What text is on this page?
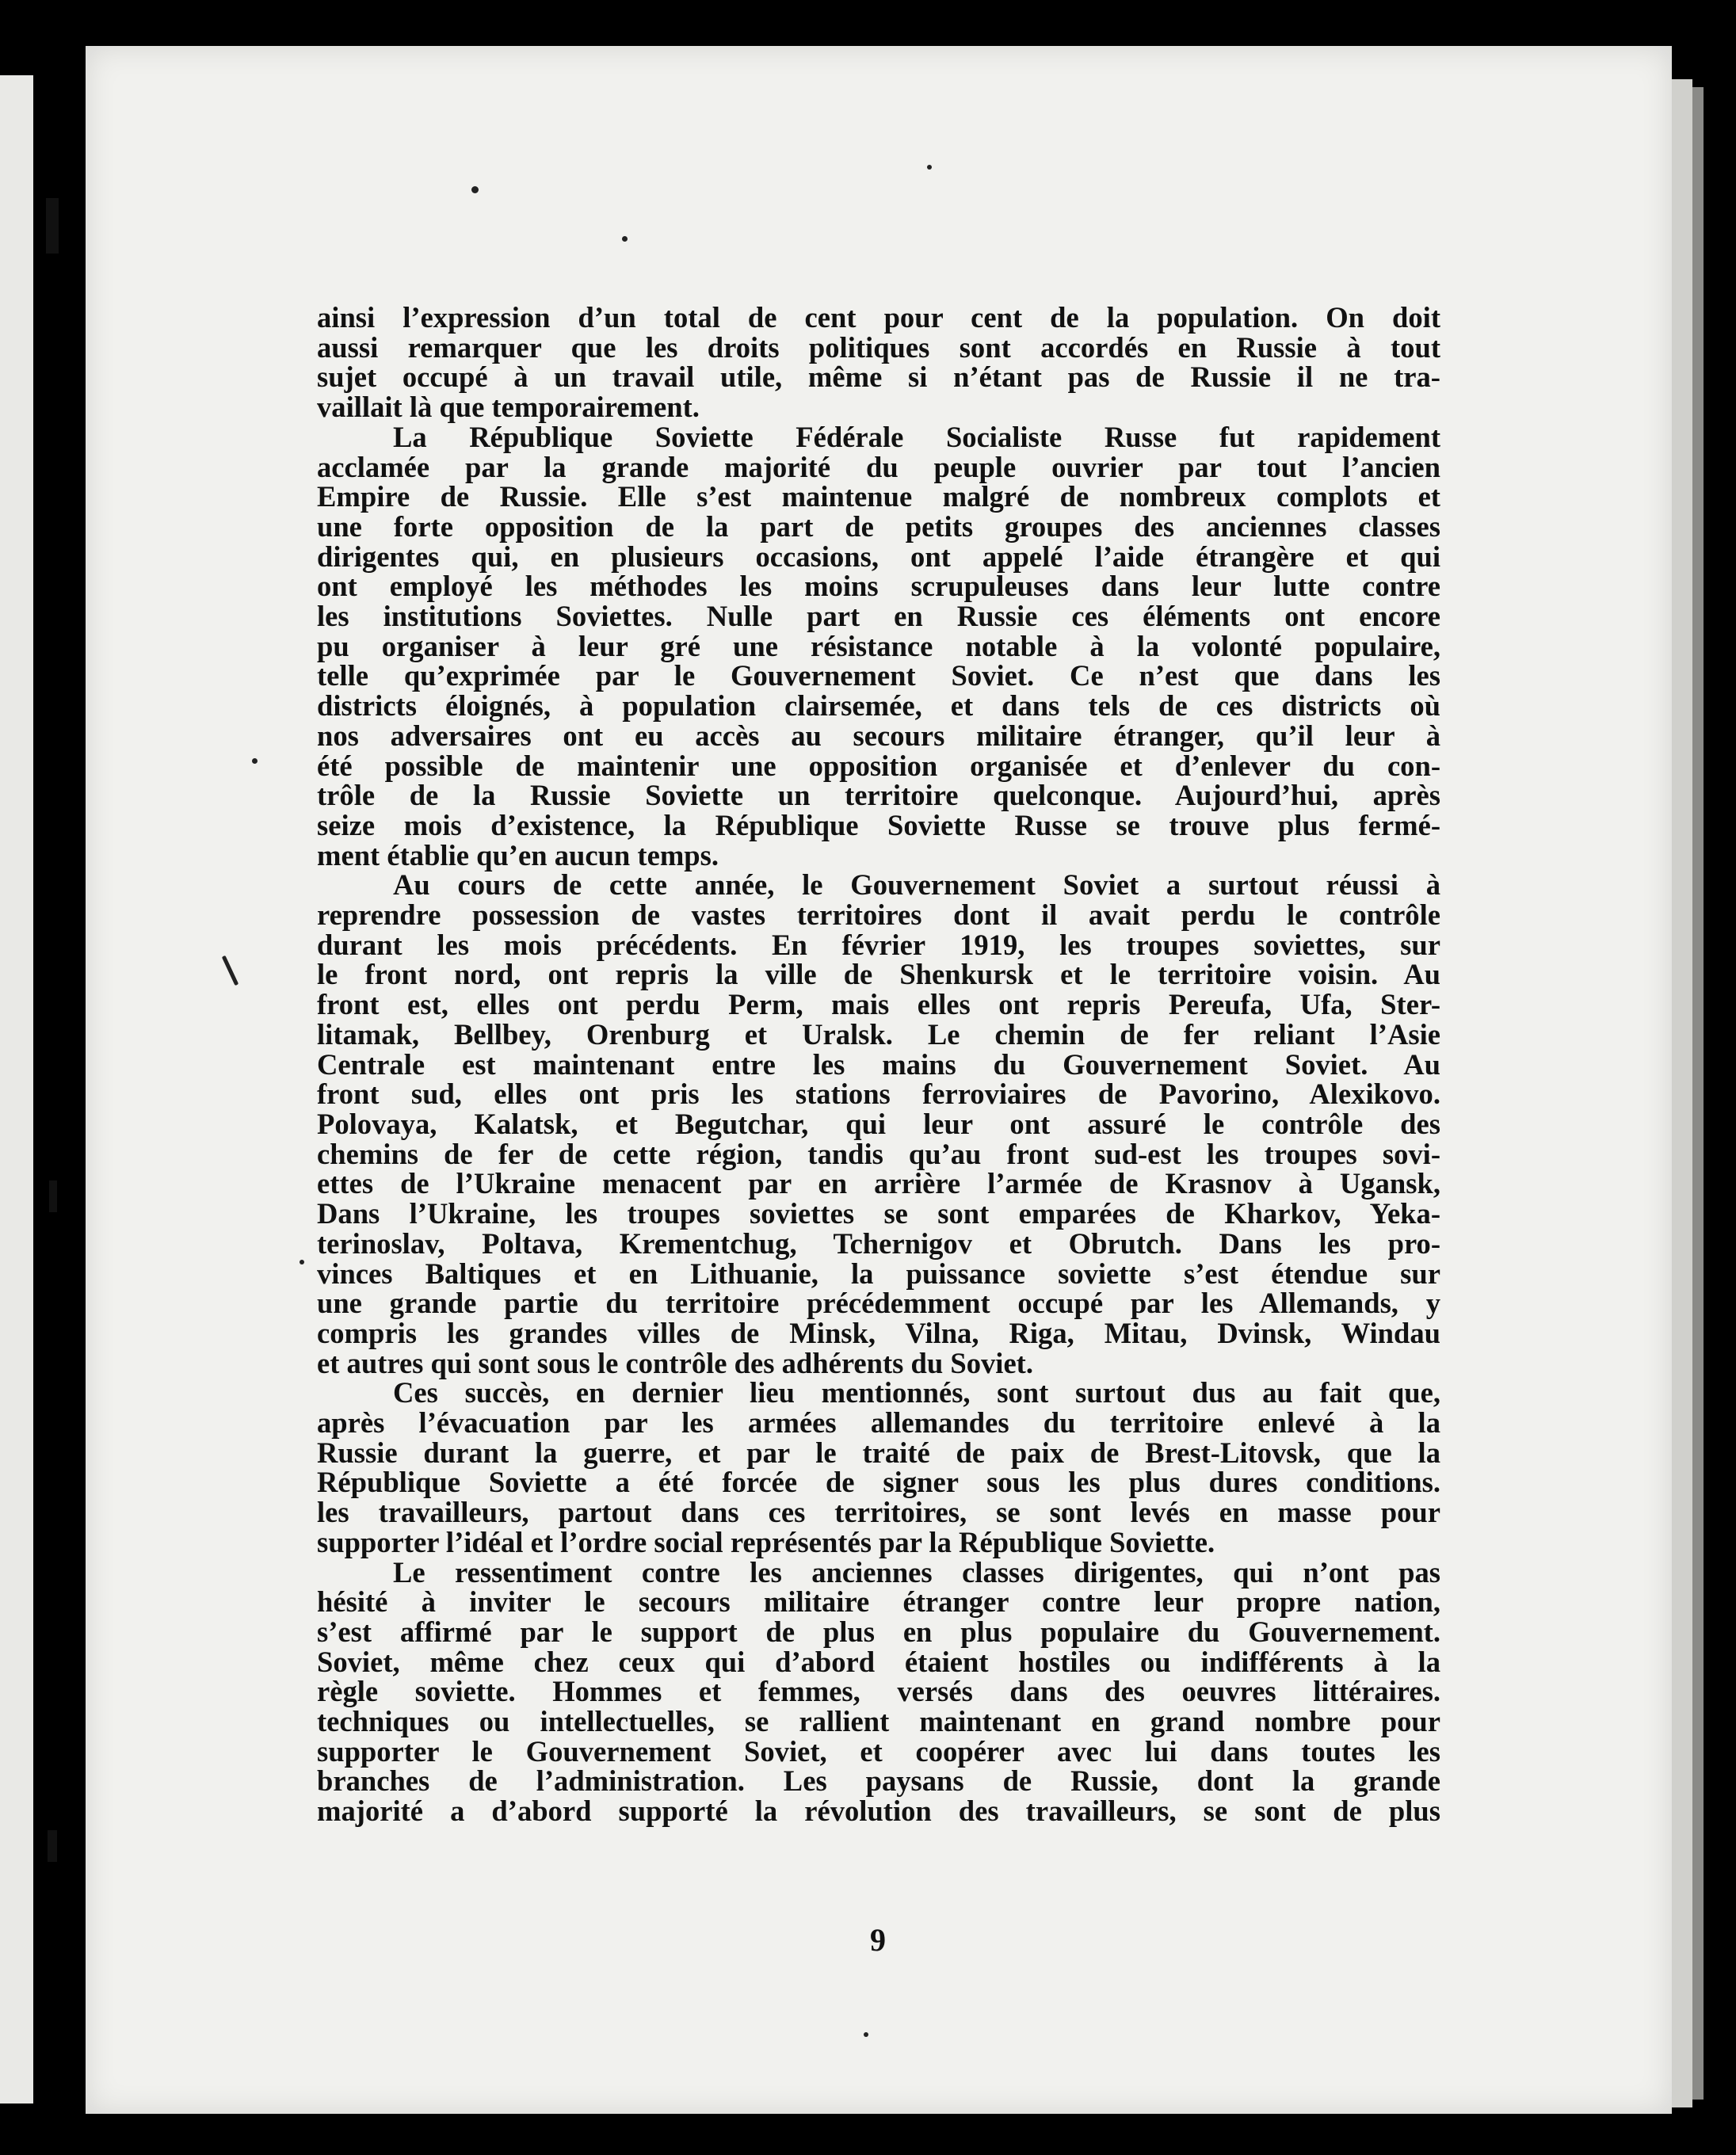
ainsi l’expression d’un total de cent pour cent de la population. On doit

aussi remarquer que les droits politiques sont accordés en Russie à tout

sujet occupé à un travail utile, même si n’étant pas de Russie il ne tra-

vaillait là que temporairement.

La République Soviette Fédérale Socialiste Russe fut rapidement

acclamée par la grande majorité du peuple ouvrier par tout l’ancien

Empire de Russie. Elle s’est maintenue malgré de nombreux complots et

une forte opposition de la part de petits groupes des anciennes classes

dirigentes qui, en plusieurs occasions, ont appelé l’aide étrangère et qui

ont employé les méthodes les moins scrupuleuses dans leur lutte contre

les institutions Soviettes. Nulle part en Russie ces éléments ont encore

pu organiser à leur gré une résistance notable à la volonté populaire,

telle qu’exprimée par le Gouvernement Soviet. Ce n’est que dans les

districts éloignés, à population clairsemée, et dans tels de ces districts où

nos adversaires ont eu accès au secours militaire étranger, qu’il leur à

été possible de maintenir une opposition organisée et d’enlever du con-

trôle de la Russie Soviette un territoire quelconque. Aujourd’hui, après

seize mois d’existence, la République Soviette Russe se trouve plus fermé-

ment établie qu’en aucun temps.

Au cours de cette année, le Gouvernement Soviet a surtout réussi à

reprendre possession de vastes territoires dont il avait perdu le contrôle

durant les mois précédents. En février 1919, les troupes soviettes, sur

le front nord, ont repris la ville de Shenkursk et le territoire voisin. Au

front est, elles ont perdu Perm, mais elles ont repris Pereufa, Ufa, Ster-

litamak, Bellbey, Orenburg et Uralsk. Le chemin de fer reliant l’Asie

Centrale est maintenant entre les mains du Gouvernement Soviet. Au

front sud, elles ont pris les stations ferroviaires de Pavorino, Alexikovo.

Polovaya, Kalatsk, et Begutchar, qui leur ont assuré le contrôle des

chemins de fer de cette région, tandis qu’au front sud-est les troupes sovi-

ettes de l’Ukraine menacent par en arrière l’armée de Krasnov à Ugansk,

Dans l’Ukraine, les troupes soviettes se sont emparées de Kharkov, Yeka-

terinoslav, Poltava, Krementchug, Tchernigov et Obrutch. Dans les pro-

vinces Baltiques et en Lithuanie, la puissance soviette s’est étendue sur

une grande partie du territoire précédemment occupé par les Allemands, y

compris les grandes villes de Minsk, Vilna, Riga, Mitau, Dvinsk, Windau

et autres qui sont sous le contrôle des adhérents du Soviet.

Ces succès, en dernier lieu mentionnés, sont surtout dus au fait que,

après l’évacuation par les armées allemandes du territoire enlevé à la

Russie durant la guerre, et par le traité de paix de Brest-Litovsk, que la

République Soviette a été forcée de signer sous les plus dures conditions.

les travailleurs, partout dans ces territoires, se sont levés en masse pour

supporter l’idéal et l’ordre social représentés par la République Soviette.

Le ressentiment contre les anciennes classes dirigentes, qui n’ont pas

hésité à inviter le secours militaire étranger contre leur propre nation,

s’est affirmé par le support de plus en plus populaire du Gouvernement.

Soviet, même chez ceux qui d’abord étaient hostiles ou indifférents à la

règle soviette. Hommes et femmes, versés dans des oeuvres littéraires.

techniques ou intellectuelles, se rallient maintenant en grand nombre pour

supporter le Gouvernement Soviet, et coopérer avec lui dans toutes les

branches de l’administration. Les paysans de Russie, dont la grande

majorité a d’abord supporté la révolution des travailleurs, se sont de plus

9
